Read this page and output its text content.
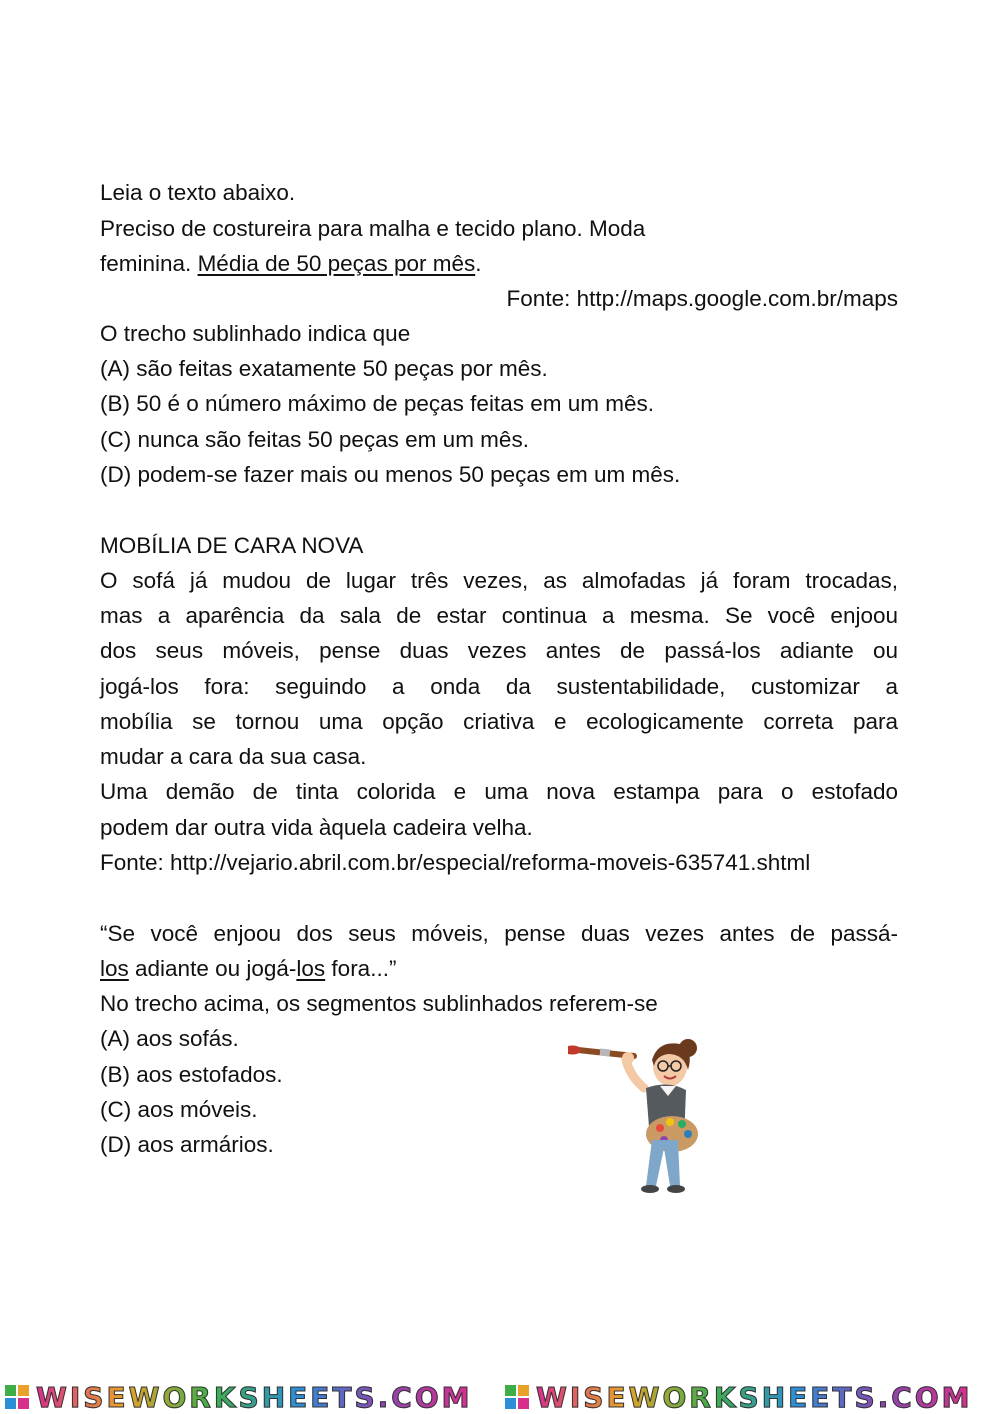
Leia o texto abaixo.
Preciso de costureira para malha e tecido plano. Moda
feminina. Média de 50 peças por mês.
Fonte: http://maps.google.com.br/maps
O trecho sublinhado indica que
(A) são feitas exatamente 50 peças por mês.
(B) 50 é o número máximo de peças feitas em um mês.
(C) nunca são feitas 50 peças em um mês.
(D) podem-se fazer mais ou menos 50 peças em um mês.
MOBÍLIA DE CARA NOVA
O sofá já mudou de lugar três vezes, as almofadas já foram trocadas,
mas a aparência da sala de estar continua a mesma. Se você enjoou
dos seus móveis, pense duas vezes antes de passá-los adiante ou
jogá-los fora: seguindo a onda da sustentabilidade, customizar a
mobília se tornou uma opção criativa e ecologicamente correta para
mudar a cara da sua casa.
Uma demão de tinta colorida e uma nova estampa para o estofado
podem dar outra vida àquela cadeira velha.
Fonte: http://vejario.abril.com.br/especial/reforma-moveis-635741.shtml
“Se você enjoou dos seus móveis, pense duas vezes antes de passá-
los adiante ou jogá-los fora...”
No trecho acima, os segmentos sublinhados referem-se
(A) aos sofás.
(B) aos estofados.
(C) aos móveis.
(D) aos armários.
WISEWORKSHEETS.COM WISEWORKSHEETS.COM
